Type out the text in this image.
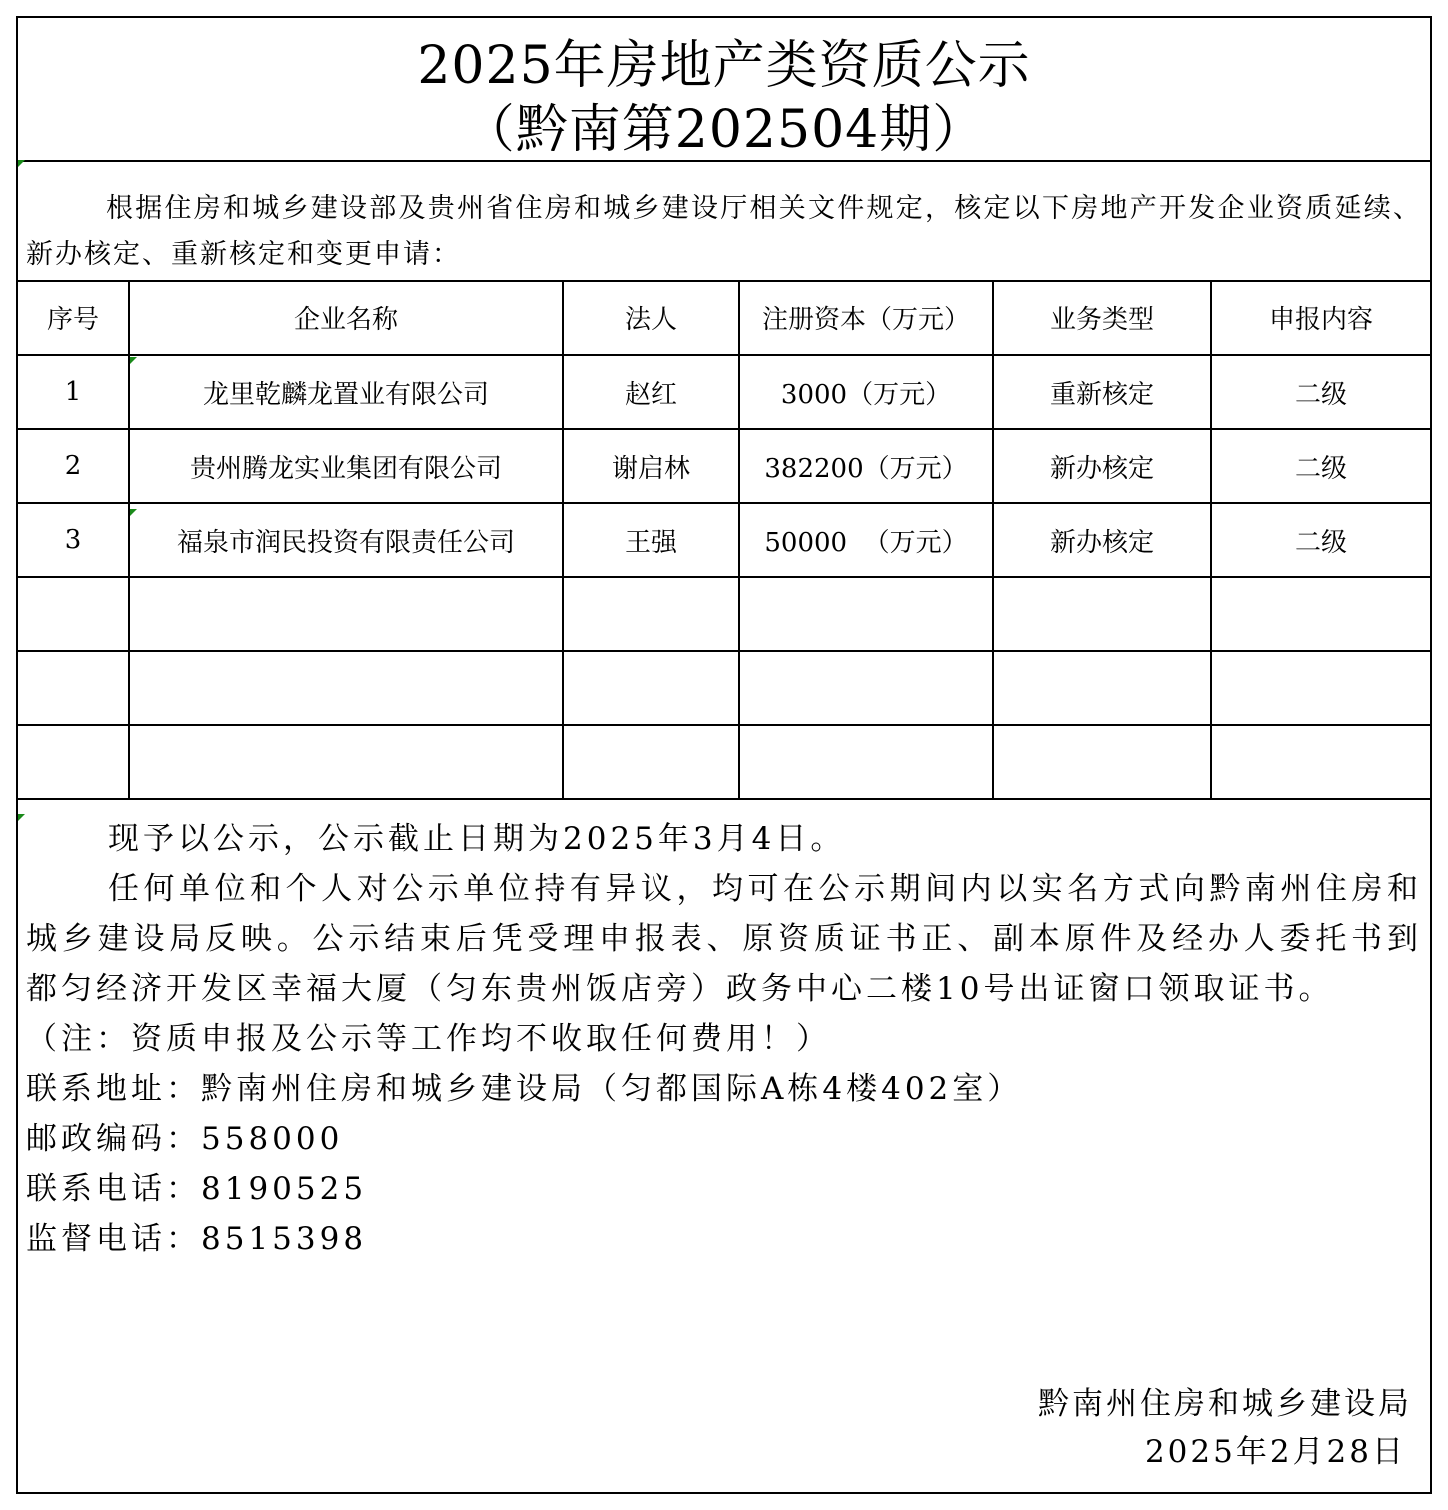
2025年房地产类资质公示
（黔南第202504期）
根据住房和城乡建设部及贵州省住房和城乡建设厅相关文件规定，核定以下房地产开发企业资质延续、新办核定、重新核定和变更申请：
序号	企业名称	法人	注册资本（万元）	业务类型	申报内容
1	龙里乾麟龙置业有限公司	赵红	3000（万元）	重新核定	二级
2	贵州腾龙实业集团有限公司	谢启林	382200（万元）	新办核定	二级
3	福泉市润民投资有限责任公司	王强	50000  （万元）	新办核定	二级

现予以公示，公示截止日期为2025年3月4日。

任何单位和个人对公示单位持有异议，均可在公示期间内以实名方式向黔南州住房和城乡建设局反映。公示结束后凭受理申报表、原资质证书正、副本原件及经办人委托书到都匀经济开发区幸福大厦（匀东贵州饭店旁）政务中心二楼10号出证窗口领取证书。

（注：资质申报及公示等工作均不收取任何费用！）

联系地址：黔南州住房和城乡建设局（匀都国际A栋4楼402室）

邮政编码：558000

联系电话：8190525

监督电话：8515398

黔南州住房和城乡建设局
2025年2月28日
